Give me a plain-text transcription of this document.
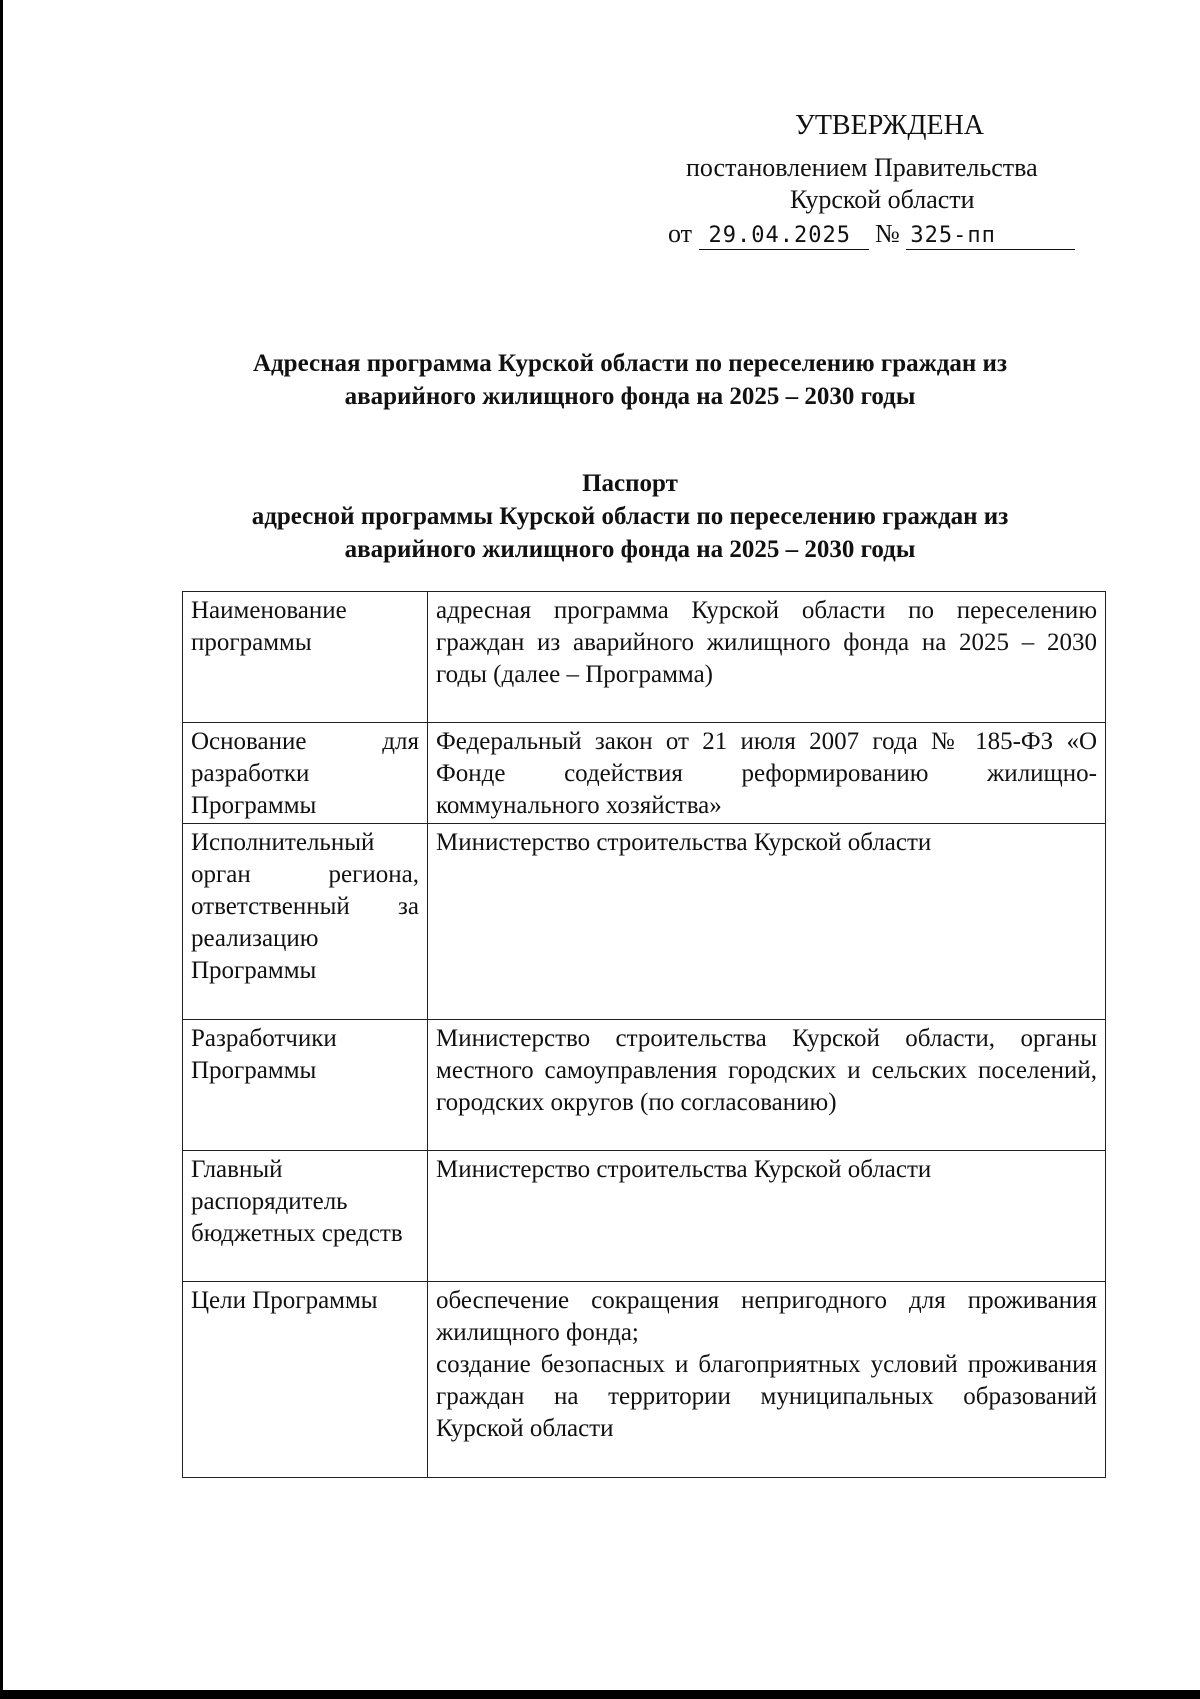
УТВЕРЖДЕНА
постановлением Правительства
Курской области
от 29.04.2025 № 325-пп
Адресная программа Курской области по переселению граждан из
аварийного жилищного фонда на 2025 – 2030 годы
Паспорт
адресной программы Курской области по переселению граждан из
аварийного жилищного фонда на 2025 – 2030 годы
Наименование программы	адресная программа Курской области по переселению граждан из аварийного жилищного фонда на 2025 – 2030 годы (далее – Программа)

Основание для разработки Программы	Федеральный закон от 21 июля 2007 года № 185-ФЗ «О Фонде содействия реформированию жилищно-коммунального хозяйства»

Исполнительный орган региона, ответственный за реализацию Программы	Министерство строительства Курской области

Разработчики Программы	Министерство строительства Курской области, органы местного самоуправления городских и сельских поселений, городских округов (по согласованию)

Главный распорядитель бюджетных средств	Министерство строительства Курской области

Цели Программы	обеспечение сокращения непригодного для проживания жилищного фонда;
создание безопасных и благоприятных условий проживания граждан на территории муниципальных образований Курской области
